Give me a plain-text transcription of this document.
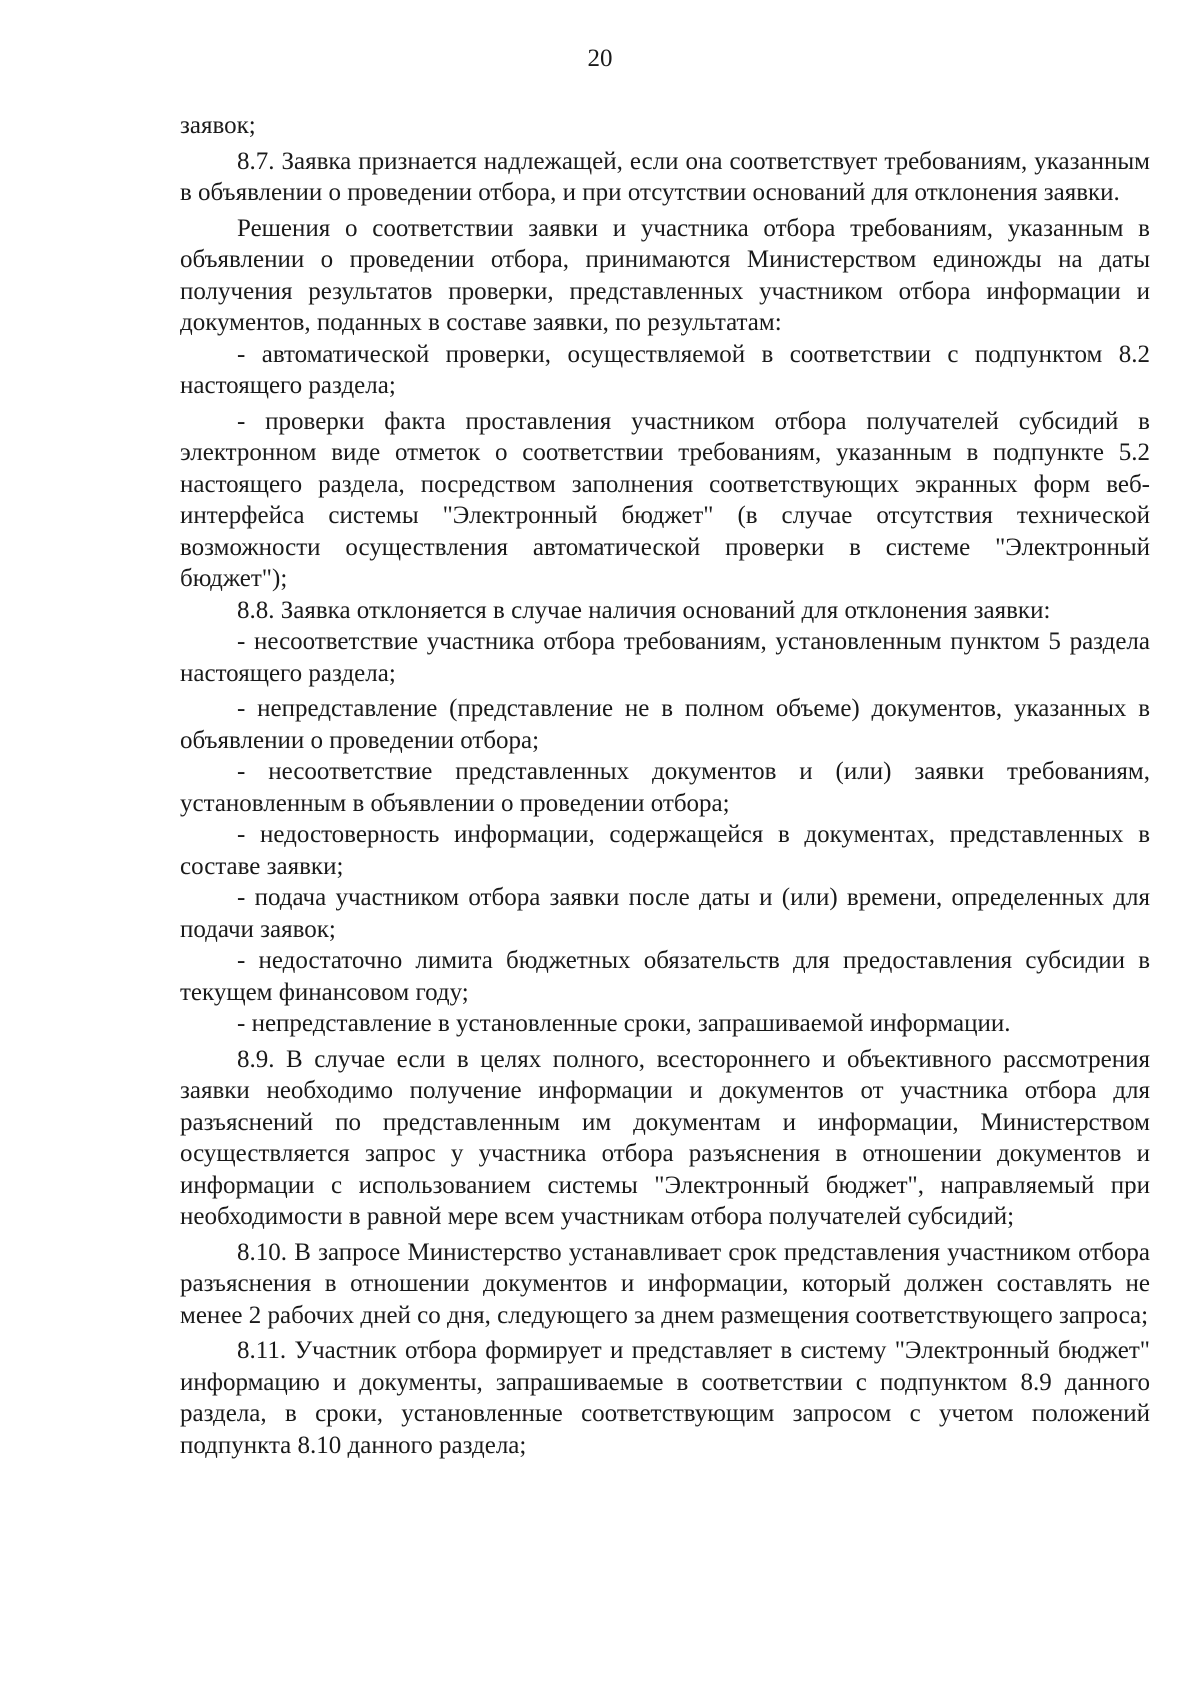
20

заявок;

8.7. Заявка признается надлежащей, если она соответствует требованиям, указанным в объявлении о проведении отбора, и при отсутствии оснований для отклонения заявки.

Решения о соответствии заявки и участника отбора требованиям, указанным в объявлении о проведении отбора, принимаются Министерством единожды на даты получения результатов проверки, представленных участником отбора информации и документов, поданных в составе заявки, по результатам:

- автоматической проверки, осуществляемой в соответствии с подпунктом 8.2 настоящего раздела;

- проверки факта проставления участником отбора получателей субсидий в электронном виде отметок о соответствии требованиям, указанным в подпункте 5.2 настоящего раздела, посредством заполнения соответствующих экранных форм веб-интерфейса системы "Электронный бюджет" (в случае отсутствия технической возможности осуществления автоматической проверки в системе "Электронный бюджет");

8.8. Заявка отклоняется в случае наличия оснований для отклонения заявки:

- несоответствие участника отбора требованиям, установленным пунктом 5 раздела настоящего раздела;

- непредставление (представление не в полном объеме) документов, указанных в объявлении о проведении отбора;

- несоответствие представленных документов и (или) заявки требованиям, установленным в объявлении о проведении отбора;

- недостоверность информации, содержащейся в документах, представленных в составе заявки;

- подача участником отбора заявки после даты и (или) времени, определенных для подачи заявок;

- недостаточно лимита бюджетных обязательств для предоставления субсидии в текущем финансовом году;

- непредставление в установленные сроки, запрашиваемой информации.

8.9. В случае если в целях полного, всестороннего и объективного рассмотрения заявки необходимо получение информации и документов от участника отбора для разъяснений по представленным им документам и информации, Министерством осуществляется запрос у участника отбора разъяснения в отношении документов и информации с использованием системы "Электронный бюджет", направляемый при необходимости в равной мере всем участникам отбора получателей субсидий;

8.10. В запросе Министерство устанавливает срок представления участником отбора разъяснения в отношении документов и информации, который должен составлять не менее 2 рабочих дней со дня, следующего за днем размещения соответствующего запроса;

8.11. Участник отбора формирует и представляет в систему "Электронный бюджет" информацию и документы, запрашиваемые в соответствии с подпунктом 8.9 данного раздела, в сроки, установленные соответствующим запросом с учетом положений подпункта 8.10 данного раздела;
